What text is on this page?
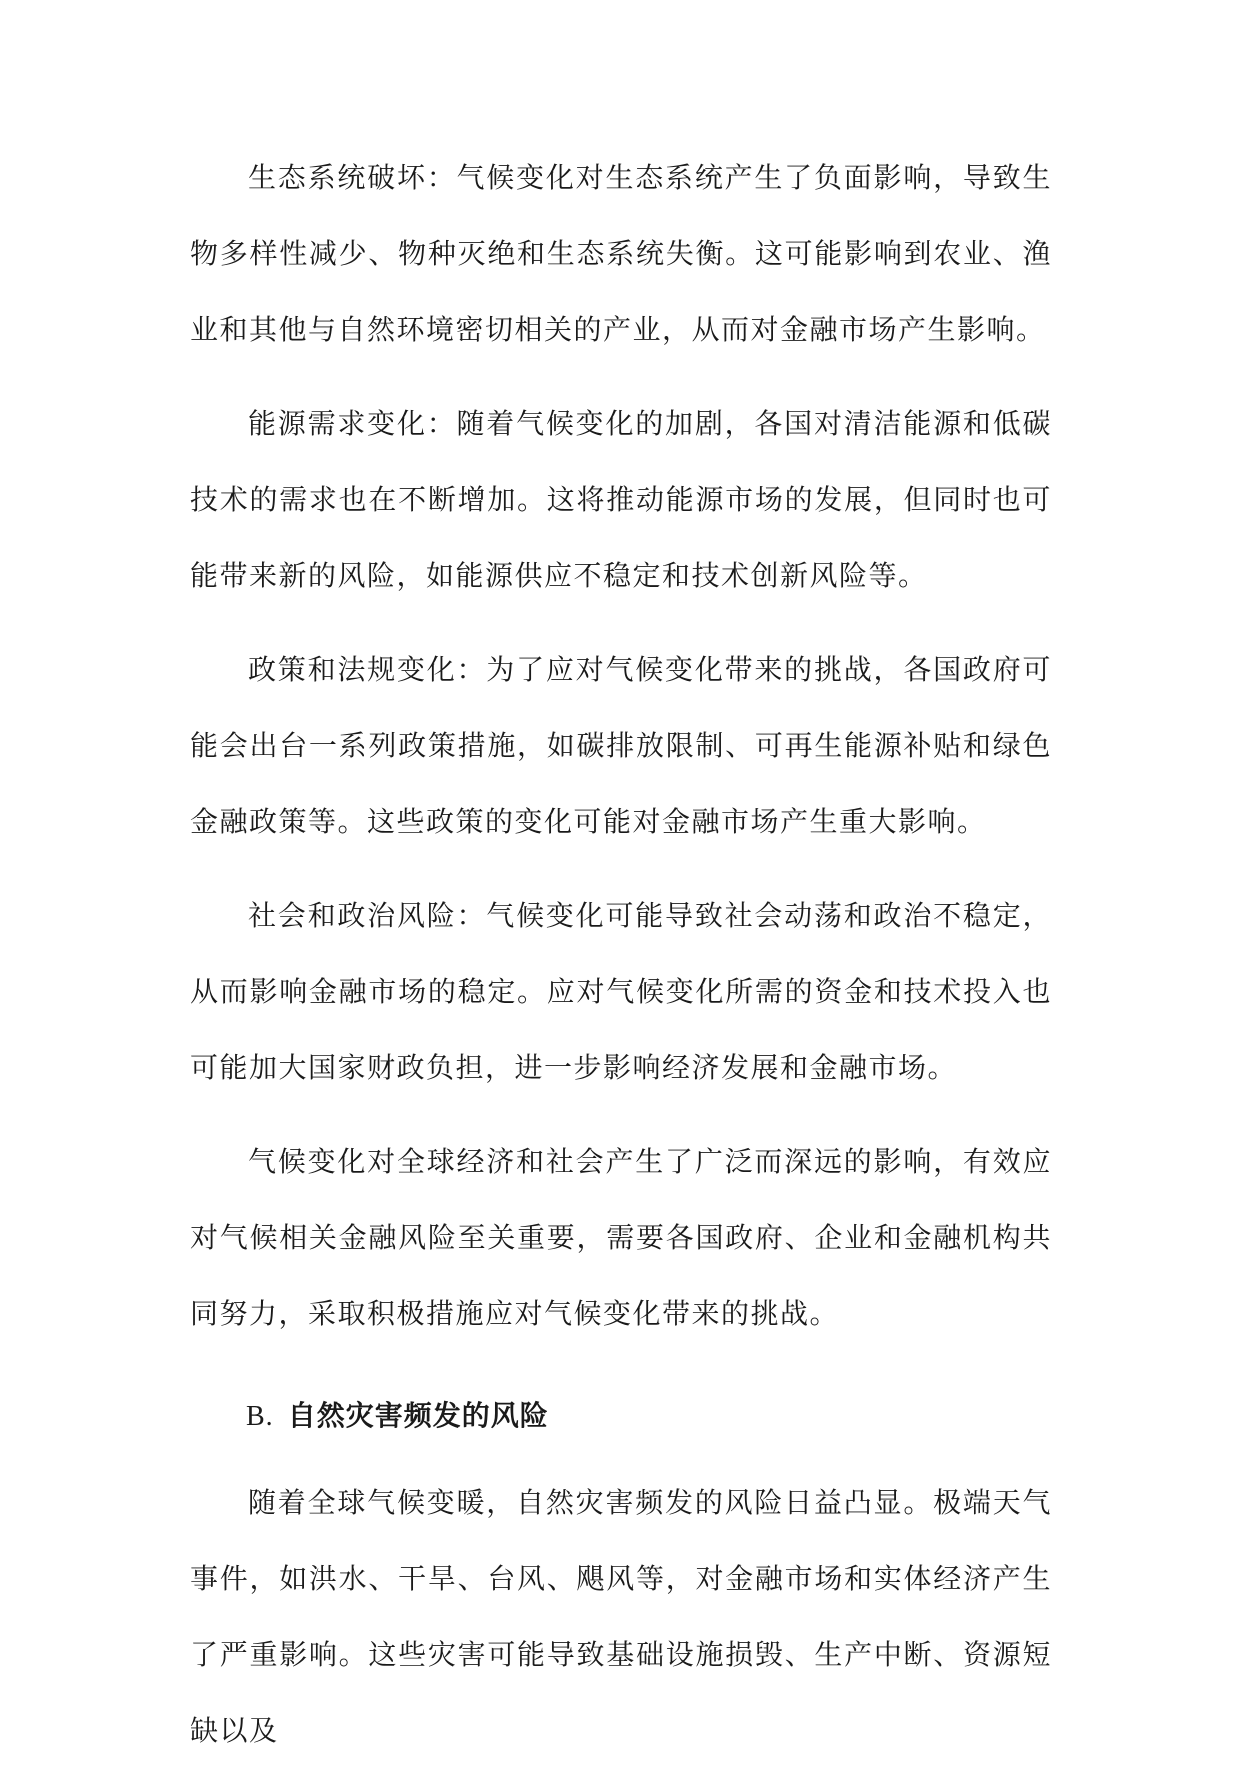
生态系统破坏：气候变化对生态系统产生了负面影响，导致生物多样性减少、物种灭绝和生态系统失衡。这可能影响到农业、渔业和其他与自然环境密切相关的产业，从而对金融市场产生影响。

能源需求变化：随着气候变化的加剧，各国对清洁能源和低碳技术的需求也在不断增加。这将推动能源市场的发展，但同时也可能带来新的风险，如能源供应不稳定和技术创新风险等。

政策和法规变化：为了应对气候变化带来的挑战，各国政府可能会出台一系列政策措施，如碳排放限制、可再生能源补贴和绿色金融政策等。这些政策的变化可能对金融市场产生重大影响。

社会和政治风险：气候变化可能导致社会动荡和政治不稳定，从而影响金融市场的稳定。应对气候变化所需的资金和技术投入也可能加大国家财政负担，进一步影响经济发展和金融市场。

气候变化对全球经济和社会产生了广泛而深远的影响，有效应对气候相关金融风险至关重要，需要各国政府、企业和金融机构共同努力，采取积极措施应对气候变化带来的挑战。

B. 自然灾害频发的风险

随着全球气候变暖，自然灾害频发的风险日益凸显。极端天气事件，如洪水、干旱、台风、飓风等，对金融市场和实体经济产生了严重影响。这些灾害可能导致基础设施损毁、生产中断、资源短缺以及
